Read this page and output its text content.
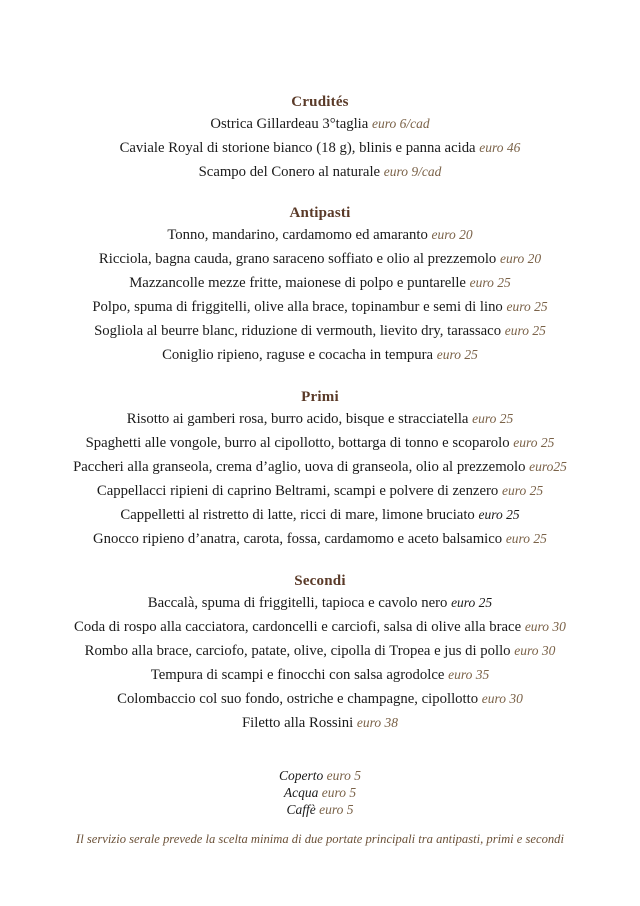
Crudités
Ostrica Gillardeau 3°taglia euro 6/cad
Caviale Royal di storione bianco (18 g), blinis e panna acida euro 46
Scampo del Conero al naturale euro 9/cad
Antipasti
Tonno, mandarino, cardamomo ed amaranto euro 20
Ricciola, bagna cauda, grano saraceno soffiato e olio al prezzemolo euro 20
Mazzancolle mezze fritte, maionese di polpo e puntarelle euro 25
Polpo, spuma di friggitelli, olive alla brace, topinambur e semi di lino euro 25
Sogliola al beurre blanc, riduzione di vermouth, lievito dry, tarassaco euro 25
Coniglio ripieno, raguse e cocacha in tempura euro 25
Primi
Risotto ai gamberi rosa, burro acido, bisque e stracciatella euro 25
Spaghetti alle vongole, burro al cipollotto, bottarga di tonno e scoparolo euro 25
Paccheri alla granseola, crema d’aglio, uova di granseola, olio al prezzemolo euro25
Cappellacci ripieni di caprino Beltrami, scampi e polvere di zenzero euro 25
Cappelletti al ristretto di latte, ricci di mare, limone bruciato euro 25
Gnocco ripieno d’anatra, carota, fossa, cardamomo e aceto balsamico euro 25
Secondi
Baccalà, spuma di friggitelli, tapioca e cavolo nero euro 25
Coda di rospo alla cacciatora, cardoncelli e carciofi, salsa di olive alla brace euro 30
Rombo alla brace, carciofo, patate, olive, cipolla di Tropea e jus di pollo euro 30
Tempura di scampi e finocchi con salsa agrodolce euro 35
Colombaccio col suo fondo, ostriche e champagne, cipollotto euro 30
Filetto alla Rossini euro 38
Coperto euro 5
Acqua euro 5
Caffè euro 5
Il servizio serale prevede la scelta minima di due portate principali tra antipasti, primi e secondi
